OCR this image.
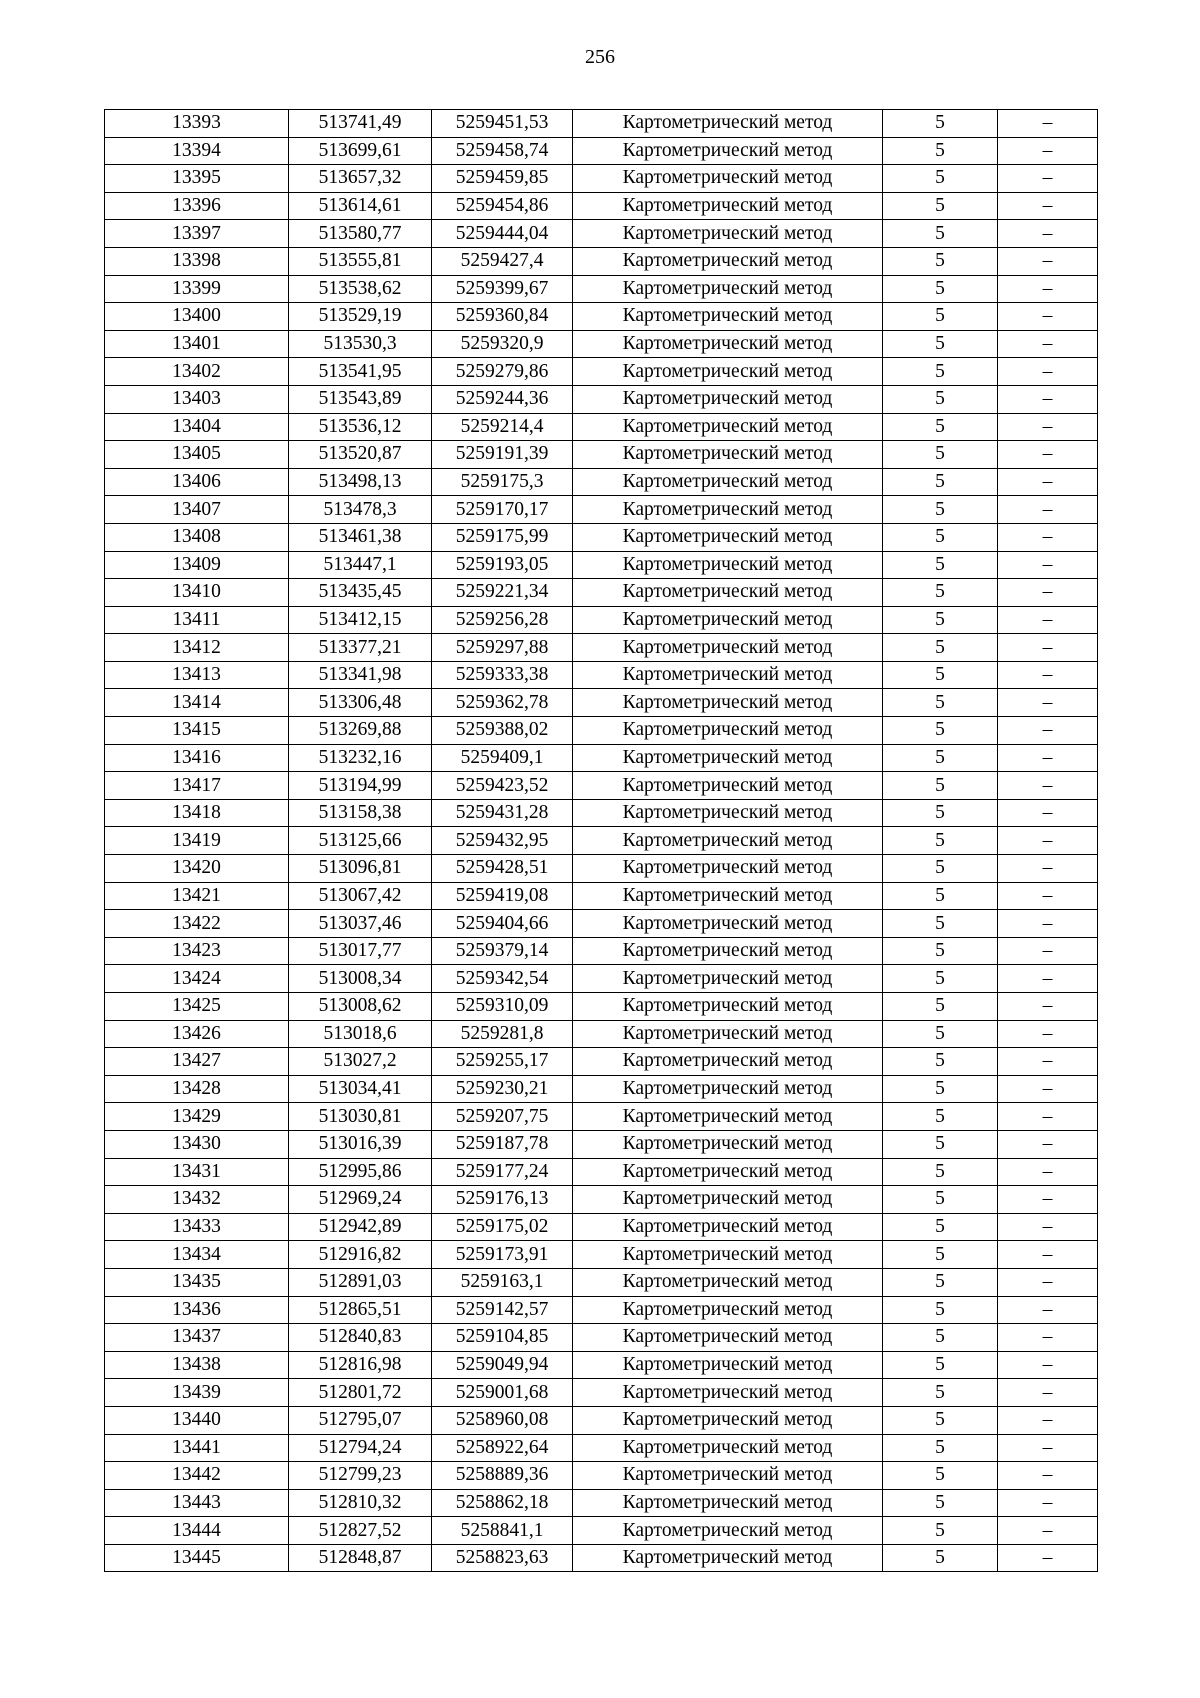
256
13393	513741,49	5259451,53	Картометрический метод	5	–
13394	513699,61	5259458,74	Картометрический метод	5	–
13395	513657,32	5259459,85	Картометрический метод	5	–
13396	513614,61	5259454,86	Картометрический метод	5	–
13397	513580,77	5259444,04	Картометрический метод	5	–
13398	513555,81	5259427,4	Картометрический метод	5	–
13399	513538,62	5259399,67	Картометрический метод	5	–
13400	513529,19	5259360,84	Картометрический метод	5	–
13401	513530,3	5259320,9	Картометрический метод	5	–
13402	513541,95	5259279,86	Картометрический метод	5	–
13403	513543,89	5259244,36	Картометрический метод	5	–
13404	513536,12	5259214,4	Картометрический метод	5	–
13405	513520,87	5259191,39	Картометрический метод	5	–
13406	513498,13	5259175,3	Картометрический метод	5	–
13407	513478,3	5259170,17	Картометрический метод	5	–
13408	513461,38	5259175,99	Картометрический метод	5	–
13409	513447,1	5259193,05	Картометрический метод	5	–
13410	513435,45	5259221,34	Картометрический метод	5	–
13411	513412,15	5259256,28	Картометрический метод	5	–
13412	513377,21	5259297,88	Картометрический метод	5	–
13413	513341,98	5259333,38	Картометрический метод	5	–
13414	513306,48	5259362,78	Картометрический метод	5	–
13415	513269,88	5259388,02	Картометрический метод	5	–
13416	513232,16	5259409,1	Картометрический метод	5	–
13417	513194,99	5259423,52	Картометрический метод	5	–
13418	513158,38	5259431,28	Картометрический метод	5	–
13419	513125,66	5259432,95	Картометрический метод	5	–
13420	513096,81	5259428,51	Картометрический метод	5	–
13421	513067,42	5259419,08	Картометрический метод	5	–
13422	513037,46	5259404,66	Картометрический метод	5	–
13423	513017,77	5259379,14	Картометрический метод	5	–
13424	513008,34	5259342,54	Картометрический метод	5	–
13425	513008,62	5259310,09	Картометрический метод	5	–
13426	513018,6	5259281,8	Картометрический метод	5	–
13427	513027,2	5259255,17	Картометрический метод	5	–
13428	513034,41	5259230,21	Картометрический метод	5	–
13429	513030,81	5259207,75	Картометрический метод	5	–
13430	513016,39	5259187,78	Картометрический метод	5	–
13431	512995,86	5259177,24	Картометрический метод	5	–
13432	512969,24	5259176,13	Картометрический метод	5	–
13433	512942,89	5259175,02	Картометрический метод	5	–
13434	512916,82	5259173,91	Картометрический метод	5	–
13435	512891,03	5259163,1	Картометрический метод	5	–
13436	512865,51	5259142,57	Картометрический метод	5	–
13437	512840,83	5259104,85	Картометрический метод	5	–
13438	512816,98	5259049,94	Картометрический метод	5	–
13439	512801,72	5259001,68	Картометрический метод	5	–
13440	512795,07	5258960,08	Картометрический метод	5	–
13441	512794,24	5258922,64	Картометрический метод	5	–
13442	512799,23	5258889,36	Картометрический метод	5	–
13443	512810,32	5258862,18	Картометрический метод	5	–
13444	512827,52	5258841,1	Картометрический метод	5	–
13445	512848,87	5258823,63	Картометрический метод	5	–
